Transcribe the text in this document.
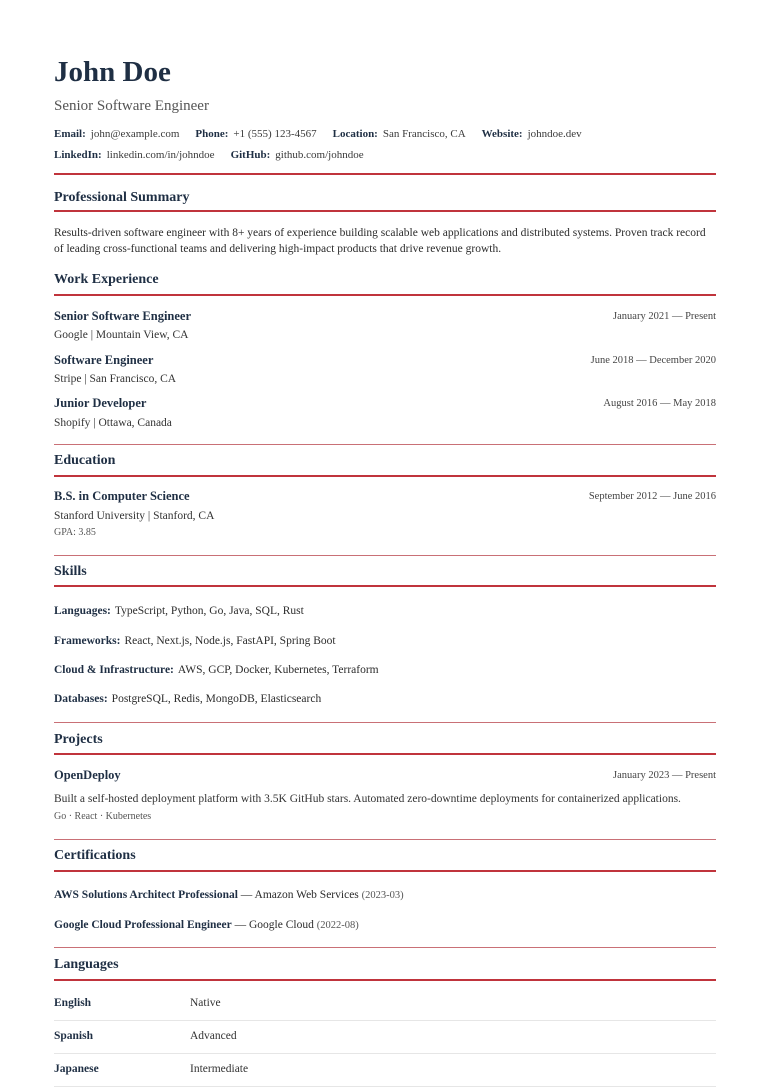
John Doe
Senior Software Engineer
Email: john@example.com Phone: +1 (555) 123-4567 Location: San Francisco, CA Website: johndoe.dev
LinkedIn: linkedin.com/in/johndoe GitHub: github.com/johndoe
Professional Summary
Results-driven software engineer with 8+ years of experience building scalable web applications and distributed systems. Proven track record of leading cross-functional teams and delivering high-impact products that drive revenue growth.
Work Experience
Senior Software Engineer	January 2021 — Present
Google | Mountain View, CA
Software Engineer	June 2018 — December 2020
Stripe | San Francisco, CA
Junior Developer	August 2016 — May 2018
Shopify | Ottawa, Canada
Education
B.S. in Computer Science	September 2012 — June 2016
Stanford University | Stanford, CA
GPA: 3.85
Skills
Languages: TypeScript, Python, Go, Java, SQL, Rust
Frameworks: React, Next.js, Node.js, FastAPI, Spring Boot
Cloud & Infrastructure: AWS, GCP, Docker, Kubernetes, Terraform
Databases: PostgreSQL, Redis, MongoDB, Elasticsearch
Projects
OpenDeploy	January 2023 — Present
Built a self-hosted deployment platform with 3.5K GitHub stars. Automated zero-downtime deployments for containerized applications.
Go · React · Kubernetes
Certifications
AWS Solutions Architect Professional — Amazon Web Services (2023-03)
Google Cloud Professional Engineer — Google Cloud (2022-08)
Languages
English	Native
Spanish	Advanced
Japanese	Intermediate
